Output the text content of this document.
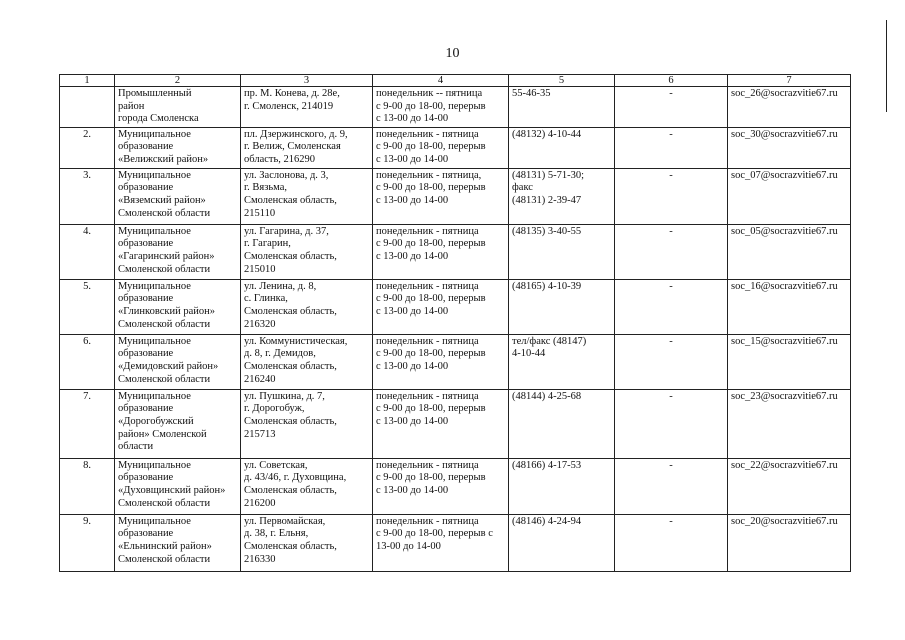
10
1	2	3	4	5	6	7
	Промышленный
район
города Смоленска	пр. М. Конева, д. 28е,
г. Смоленск, 214019	понедельник -- пятница
с 9-00 до 18-00, перерыв
с 13-00 до 14-00	55-46-35	-	soc_26@socrazvitie67.ru
2.	Муниципальное
образование
«Велижский район»	пл. Дзержинского, д. 9,
г. Велиж, Смоленская
область, 216290	понедельник - пятница
с 9-00 до 18-00, перерыв
с 13-00 до 14-00	(48132) 4-10-44	-	soc_30@socrazvitie67.ru
3.	Муниципальное
образование
«Вяземский район»
Смоленской области	ул. Заслонова, д. 3,
г. Вязьма,
Смоленская область,
215110	понедельник - пятница,
с 9-00 до 18-00, перерыв
с 13-00 до 14-00	(48131) 5-71-30;
факс
(48131) 2-39-47	-	soc_07@socrazvitie67.ru
4.	Муниципальное
образование
«Гагаринский район»
Смоленской области	ул. Гагарина, д. 37,
г. Гагарин,
Смоленская область,
215010	понедельник - пятница
с 9-00 до 18-00, перерыв
с 13-00 до 14-00	(48135) 3-40-55	-	soc_05@socrazvitie67.ru
5.	Муниципальное
образование
«Глинковский район»
Смоленской области	ул. Ленина, д. 8,
с. Глинка,
Смоленская область,
216320	понедельник - пятница
с 9-00 до 18-00, перерыв
с 13-00 до 14-00	(48165) 4-10-39	-	soc_16@socrazvitie67.ru
6.	Муниципальное
образование
«Демидовский район»
Смоленской области	ул. Коммунистическая,
д. 8, г. Демидов,
Смоленская область,
216240	понедельник - пятница
с 9-00 до 18-00, перерыв
с 13-00 до 14-00	тел/факс (48147)
4-10-44	-	soc_15@socrazvitie67.ru
7.	Муниципальное
образование
«Дорогобужский
район» Смоленской
области	ул. Пушкина, д. 7,
г. Дорогобуж,
Смоленская область,
215713	понедельник - пятница
с 9-00 до 18-00, перерыв
с 13-00 до 14-00	(48144) 4-25-68	-	soc_23@socrazvitie67.ru
8.	Муниципальное
образование
«Духовщинский район»
Смоленской области	ул. Советская,
д. 43/46, г. Духовщина,
Смоленская область,
216200	понедельник - пятница
с 9-00 до 18-00, перерыв
с 13-00 до 14-00	(48166) 4-17-53	-	soc_22@socrazvitie67.ru
9.	Муниципальное
образование
«Ельнинский район»
Смоленской области	ул. Первомайская,
д. 38, г. Ельня,
Смоленская область,
216330	понедельник - пятница
с 9-00 до 18-00, перерыв с
13-00 до 14-00	(48146) 4-24-94	-	soc_20@socrazvitie67.ru
